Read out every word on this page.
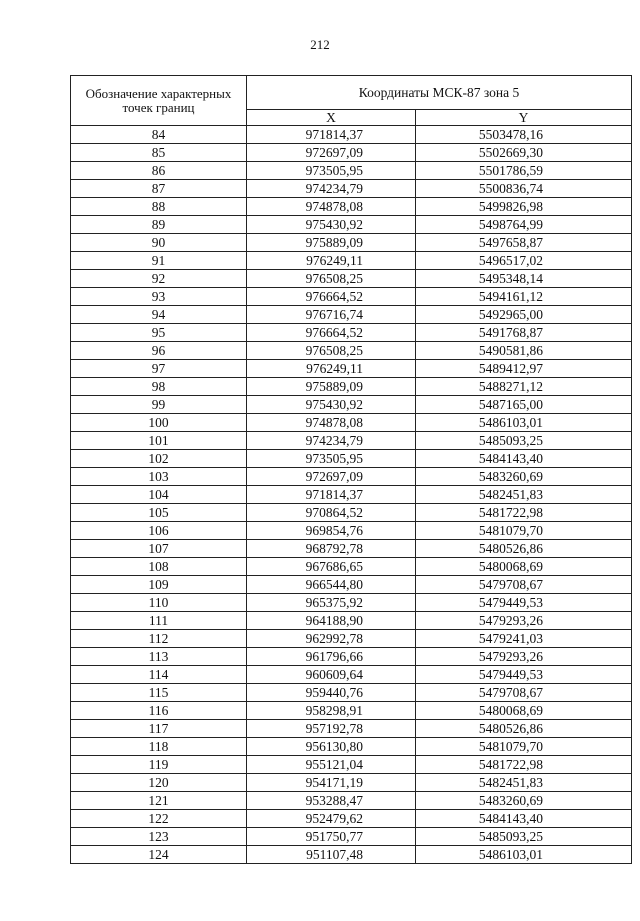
212
Обозначение характерных точек границ	Координаты МСК-87 зона 5	
	X	Y
84	971814,37	5503478,16
85	972697,09	5502669,30
86	973505,95	5501786,59
87	974234,79	5500836,74
88	974878,08	5499826,98
89	975430,92	5498764,99
90	975889,09	5497658,87
91	976249,11	5496517,02
92	976508,25	5495348,14
93	976664,52	5494161,12
94	976716,74	5492965,00
95	976664,52	5491768,87
96	976508,25	5490581,86
97	976249,11	5489412,97
98	975889,09	5488271,12
99	975430,92	5487165,00
100	974878,08	5486103,01
101	974234,79	5485093,25
102	973505,95	5484143,40
103	972697,09	5483260,69
104	971814,37	5482451,83
105	970864,52	5481722,98
106	969854,76	5481079,70
107	968792,78	5480526,86
108	967686,65	5480068,69
109	966544,80	5479708,67
110	965375,92	5479449,53
111	964188,90	5479293,26
112	962992,78	5479241,03
113	961796,66	5479293,26
114	960609,64	5479449,53
115	959440,76	5479708,67
116	958298,91	5480068,69
117	957192,78	5480526,86
118	956130,80	5481079,70
119	955121,04	5481722,98
120	954171,19	5482451,83
121	953288,47	5483260,69
122	952479,62	5484143,40
123	951750,77	5485093,25
124	951107,48	5486103,01
